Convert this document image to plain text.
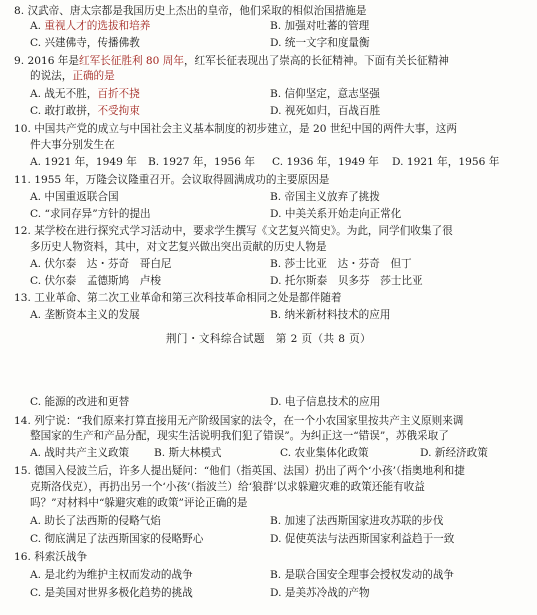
8. 汉武帝、唐太宗都是我国历史上杰出的皇帝，他们采取的相似治国措施是
A. 重视人才的选拔和培养	B. 加强对吐蕃的管理
C. 兴建佛寺，传播佛教	D. 统一文字和度量衡
9. 2016 年是红军长征胜利 80 周年，红军长征表现出了崇高的长征精神。下面有关长征精神
的说法，正确的是
A. 战无不胜，百折不挠	B. 信仰坚定，意志坚强
C. 敢打敢拼，不受拘束	D. 视死如归，百战百胜
10. 中国共产党的成立与中国社会主义基本制度的初步建立，是 20 世纪中国的两件大事，这两
件大事分别发生在
A. 1921 年，1949 年 B. 1927 年，1956 年 C. 1936 年，1949 年 D. 1921 年，1956 年
11. 1955 年，万隆会议隆重召开。会议取得圆满成功的主要原因是
A. 中国重返联合国	B. 帝国主义放弃了挑拨
C. “求同存异”方针的提出	D. 中美关系开始走向正常化
12. 某学校在进行探究式学习活动中，要求学生撰写《文艺复兴简史》。为此，同学们收集了很
多历史人物资料，其中，对文艺复兴做出突出贡献的历史人物是
A. 伏尔泰　达・芬奇　哥白尼	B. 莎士比亚　达・芬奇　但丁
C. 伏尔泰　孟德斯鸠　卢梭	D. 托尔斯泰　贝多芬　莎士比亚
13. 工业革命、第二次工业革命和第三次科技革命相同之处是都伴随着
A. 垄断资本主义的发展	B. 纳米新材料技术的应用
荆门・文科综合试题　第 2 页（共 8 页）
C. 能源的改进和更替	D. 电子信息技术的应用
14. 列宁说：“我们原来打算直接用无产阶级国家的法令，在一个小农国家里按共产主义原则来调
整国家的生产和产品分配，现实生活说明我们犯了错误”。为纠正这一“错误”，苏俄采取了
A. 战时共产主义政策 B. 斯大林模式	C. 农业集体化政策	D. 新经济政策
15. 德国入侵波兰后，许多人提出疑问：“他们（指英国、法国）扔出了两个‘小孩’（指奥地利和捷
克斯洛伐克），再扔出另一个‘小孩’（指波兰）给‘狼群’以求躲避灾难的政策还能有收益
吗？”对材料中“躲避灾难的政策”评论正确的是
A. 助长了法西斯的侵略气焰	B. 加速了法西斯国家进攻苏联的步伐
C. 彻底满足了法西斯国家的侵略野心	D. 促使英法与法西斯国家利益趋于一致
16. 科索沃战争
A. 是北约为维护主权而发动的战争	B. 是联合国安全理事会授权发动的战争
C. 是美国对世界多极化趋势的挑战	D. 是美苏冷战的产物
